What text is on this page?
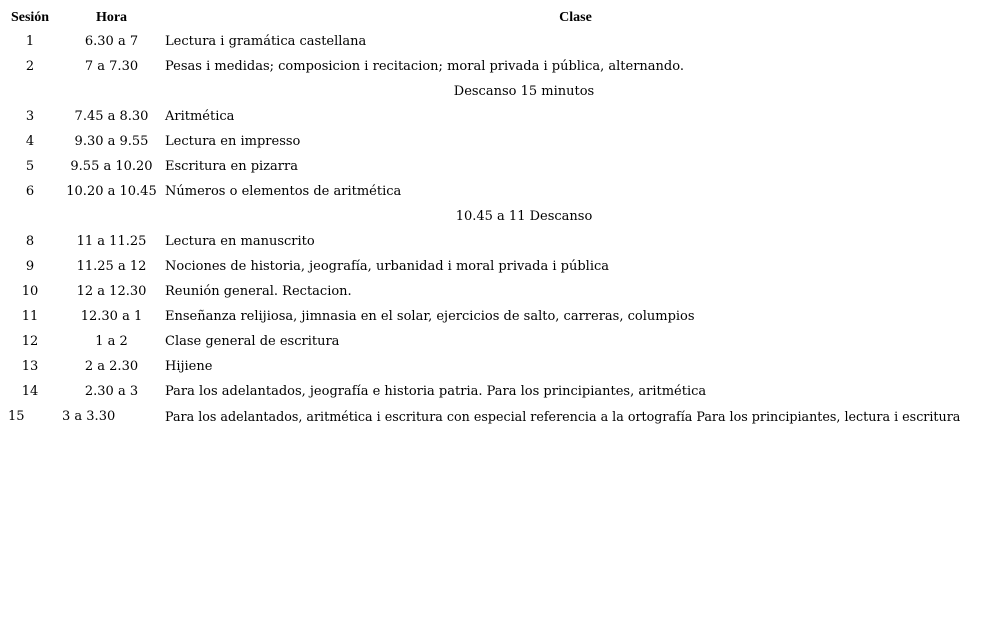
Sesión	Hora	Clase
1	6.30 a 7	Lectura i gramática castellana
2	7 a 7.30	Pesas i medidas; composicion i recitacion; moral privada i pública, alternando.
	Descanso 15 minutos	
3	7.45 a 8.30	Aritmética
4	9.30 a 9.55	Lectura en impresso
5	9.55 a 10.20	Escritura en pizarra
6	10.20 a 10.45	Números o elementos de aritmética
	10.45 a 11 Descanso	
8	11 a 11.25	Lectura en manuscrito
9	11.25 a 12	Nociones de historia, jeografía, urbanidad i moral privada i pública
10	12 a 12.30	Reunión general. Rectacion.
11	12.30 a 1	Enseñanza relijiosa, jimnasia en el solar, ejercicios de salto, carreras, columpios
12	1 a 2	Clase general de escritura
13	2 a 2.30	Hijiene
14	2.30 a 3	Para los adelantados, jeografía e historia patria. Para los principiantes, aritmética
15	3 a 3.30	Para los adelantados, aritmética i escritura con especial referencia a la ortografía Para los principiantes, lectura i escritura
